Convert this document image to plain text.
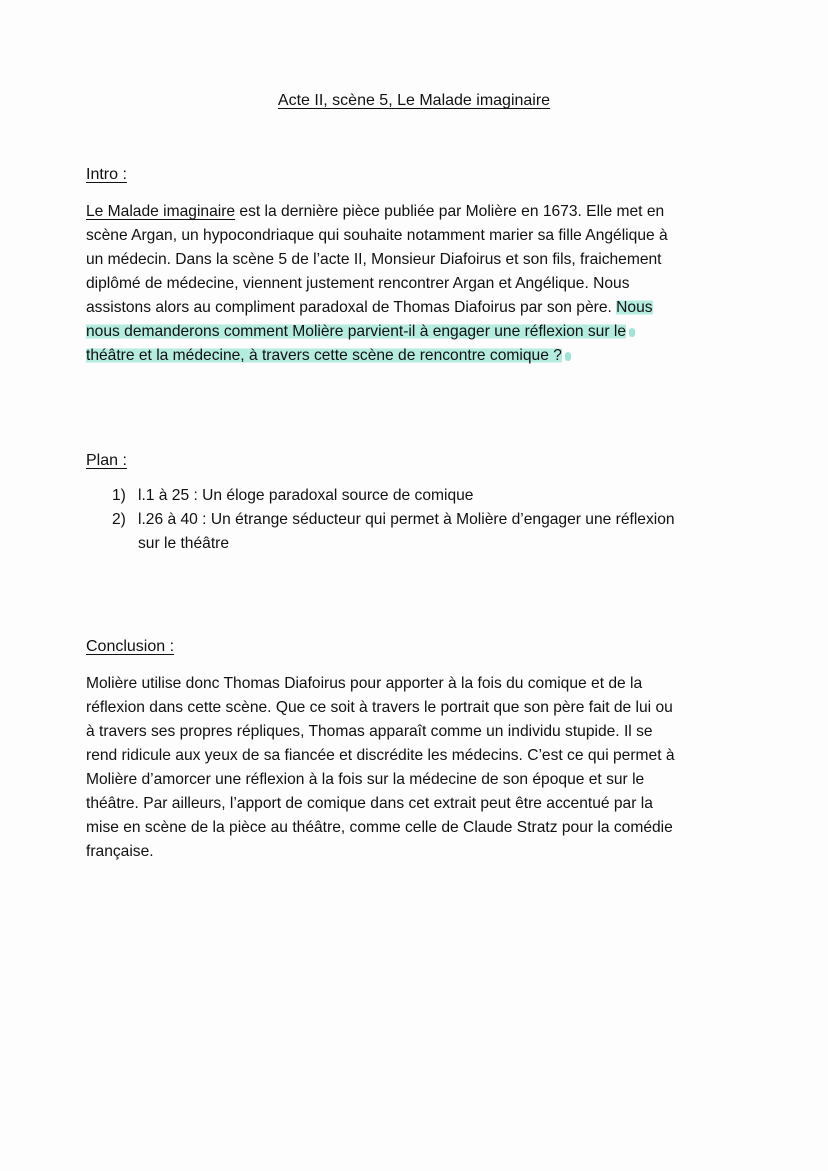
Acte II, scène 5, Le Malade imaginaire
Intro :
Le Malade imaginaire est la dernière pièce publiée par Molière en 1673. Elle met en
scène Argan, un hypocondriaque qui souhaite notamment marier sa fille Angélique à
un médecin. Dans la scène 5 de l’acte II, Monsieur Diafoirus et son fils, fraichement
diplômé de médecine, viennent justement rencontrer Argan et Angélique. Nous
assistons alors au compliment paradoxal de Thomas Diafoirus par son père. Nous
nous demanderons comment Molière parvient-il à engager une réflexion sur le
théâtre et la médecine, à travers cette scène de rencontre comique ?
Plan :
1) l.1 à 25 : Un éloge paradoxal source de comique
2) l.26 à 40 : Un étrange séducteur qui permet à Molière d’engager une réflexion
sur le théâtre
Conclusion :
Molière utilise donc Thomas Diafoirus pour apporter à la fois du comique et de la
réflexion dans cette scène. Que ce soit à travers le portrait que son père fait de lui ou
à travers ses propres répliques, Thomas apparaît comme un individu stupide. Il se
rend ridicule aux yeux de sa fiancée et discrédite les médecins. C’est ce qui permet à
Molière d’amorcer une réflexion à la fois sur la médecine de son époque et sur le
théâtre. Par ailleurs, l’apport de comique dans cet extrait peut être accentué par la
mise en scène de la pièce au théâtre, comme celle de Claude Stratz pour la comédie
française.
